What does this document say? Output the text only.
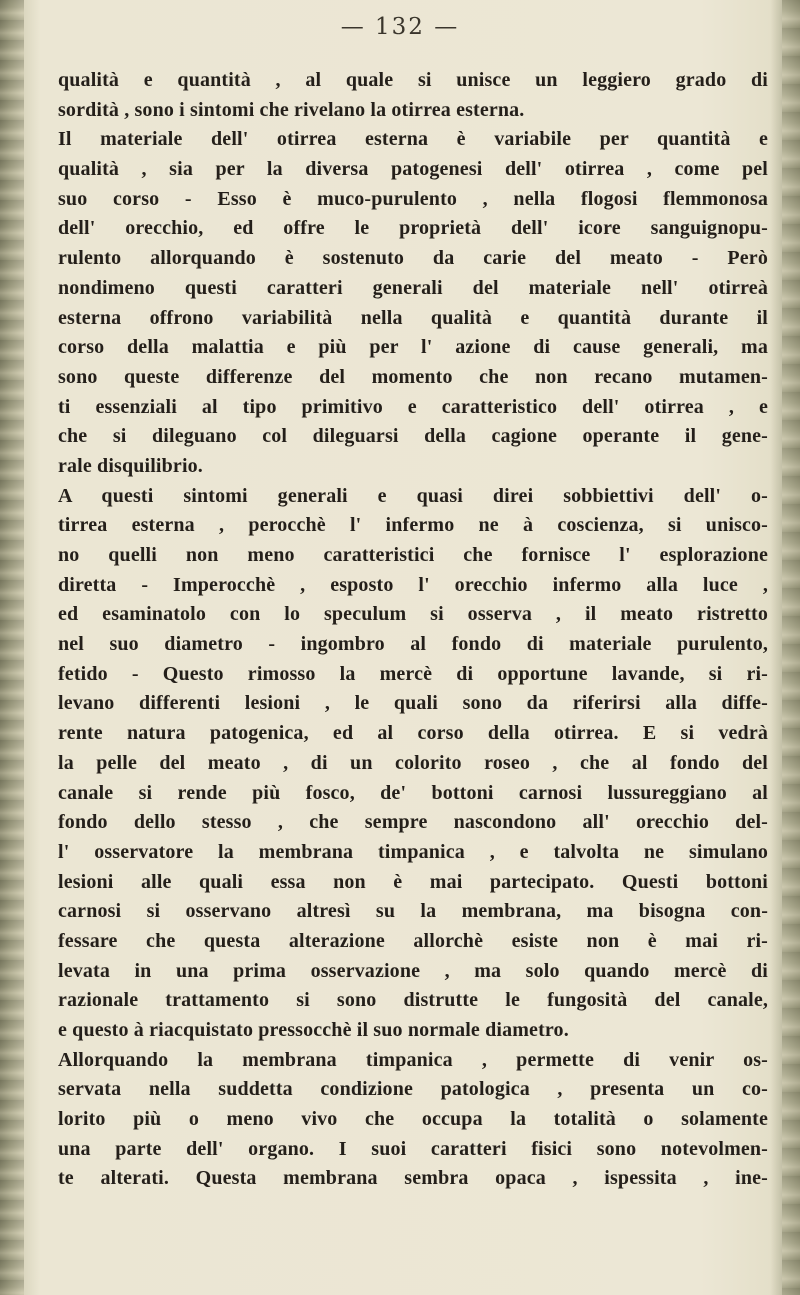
— 132 —
qualità e quantità , al quale si unisce un leggiero grado di
sordità , sono i sintomi che rivelano la otirrea esterna.
Il materiale dell' otirrea esterna è variabile per quantità e
qualità , sia per la diversa patogenesi dell' otirrea , come pel
suo corso - Esso è muco-purulento , nella flogosi flemmonosa
dell' orecchio, ed offre le proprietà dell' icore sanguignopu-
rulento allorquando è sostenuto da carie del meato - Però
nondimeno questi caratteri generali del materiale nell' otirreà
esterna offrono variabilità nella qualità e quantità durante il
corso della malattia e più per l' azione di cause generali, ma
sono queste differenze del momento che non recano mutamen-
ti essenziali al tipo primitivo e caratteristico dell' otirrea , e
che si dileguano col dileguarsi della cagione operante il gene-
rale disquilibrio.
A questi sintomi generali e quasi direi sobbiettivi dell' o-
tirrea esterna , perocchè l' infermo ne à coscienza, si unisco-
no quelli non meno caratteristici che fornisce l' esplorazione
diretta - Imperocchè , esposto l' orecchio infermo alla luce ,
ed esaminatolo con lo speculum si osserva , il meato ristretto
nel suo diametro - ingombro al fondo di materiale purulento,
fetido - Questo rimosso la mercè di opportune lavande, si ri-
levano differenti lesioni , le quali sono da riferirsi alla diffe-
rente natura patogenica, ed al corso della otirrea. E si vedrà
la pelle del meato , di un colorito roseo , che al fondo del
canale si rende più fosco, de' bottoni carnosi lussureggiano al
fondo dello stesso , che sempre nascondono all' orecchio del-
l' osservatore la membrana timpanica , e talvolta ne simulano
lesioni alle quali essa non è mai partecipato. Questi bottoni
carnosi si osservano altresì su la membrana, ma bisogna con-
fessare che questa alterazione allorchè esiste non è mai ri-
levata in una prima osservazione , ma solo quando mercè di
razionale trattamento si sono distrutte le fungosità del canale,
e questo à riacquistato pressocchè il suo normale diametro.
Allorquando la membrana timpanica , permette di venir os-
servata nella suddetta condizione patologica , presenta un co-
lorito più o meno vivo che occupa la totalità o solamente
una parte dell' organo. I suoi caratteri fisici sono notevolmen-
te alterati. Questa membrana sembra opaca , ispessita , ine-
